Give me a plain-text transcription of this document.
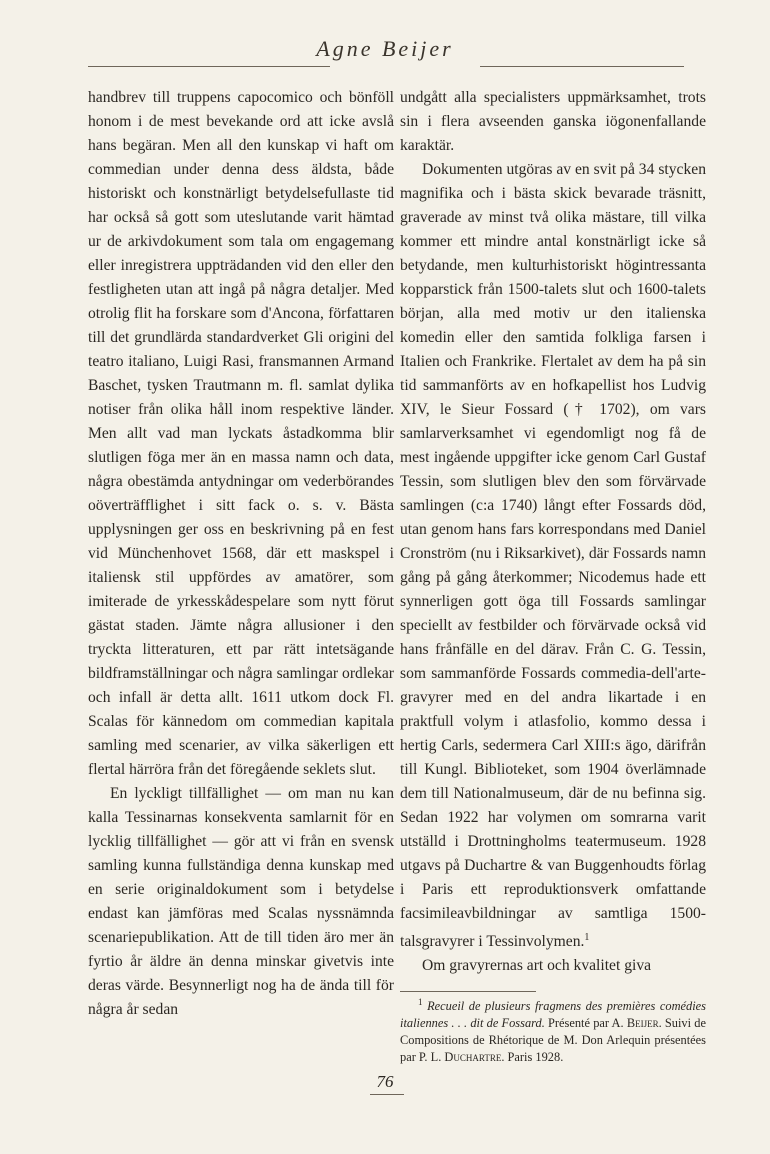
Agne Beijer

handbrev till truppens capocomico och bönföll honom i de mest bevekande ord att icke avslå hans begäran. Men all den kunskap vi haft om commedian under denna dess äldsta, både historiskt och konstnärligt betydelsefullaste tid har också så gott som uteslutande varit hämtad ur de arkivdokument som tala om engagemang eller inregistrera uppträdanden vid den eller den festligheten utan att ingå på några detaljer. Med otrolig flit ha forskare som d'Ancona, författaren till det grundlärda standardverket Gli origini del teatro italiano, Luigi Rasi, fransmannen Armand Baschet, tysken Trautmann m. fl. samlat dylika notiser från olika håll inom respektive länder. Men allt vad man lyckats åstadkomma blir slutligen föga mer än en massa namn och data, några obestämda antydningar om vederbörandes oöverträfflighet i sitt fack o. s. v. Bästa upplysningen ger oss en beskrivning på en fest vid Münchenhovet 1568, där ett maskspel i italiensk stil uppfördes av amatörer, som imiterade de yrkesskådespelare som nytt förut gästat staden. Jämte några allusioner i den tryckta litteraturen, ett par rätt intetsägande bildframställningar och några samlingar ordlekar och infall är detta allt. 1611 utkom dock Fl. Scalas för kännedom om commedian kapitala samling med scenarier, av vilka säkerligen ett flertal härröra från det föregående seklets slut.

En lyckligt tillfällighet — om man nu kan kalla Tessinarnas konsekventa samlarnit för en lycklig tillfällighet — gör att vi från en svensk samling kunna fullständiga denna kunskap med en serie originaldokument som i betydelse endast kan jämföras med Scalas nyssnämnda scenariepublikation. Att de till tiden äro mer än fyrtio år äldre än denna minskar givetvis inte deras värde. Besynnerligt nog ha de ända till för några år sedan

undgått alla specialisters uppmärksamhet, trots sin i flera avseenden ganska iögonenfallande karaktär.

Dokumenten utgöras av en svit på 34 stycken magnifika och i bästa skick bevarade träsnitt, graverade av minst två olika mästare, till vilka kommer ett mindre antal konstnärligt icke så betydande, men kulturhistoriskt högintressanta kopparstick från 1500-talets slut och 1600-talets början, alla med motiv ur den italienska komedin eller den samtida folkliga farsen i Italien och Frankrike. Flertalet av dem ha på sin tid sammanförts av en hofkapellist hos Ludvig XIV, le Sieur Fossard († 1702), om vars samlarverksamhet vi egendomligt nog få de mest ingående uppgifter icke genom Carl Gustaf Tessin, som slutligen blev den som förvärvade samlingen (c:a 1740) långt efter Fossards död, utan genom hans fars korrespondans med Daniel Cronström (nu i Riksarkivet), där Fossards namn gång på gång återkommer; Nicodemus hade ett synnerligen gott öga till Fossards samlingar speciellt av festbilder och förvärvade också vid hans frånfälle en del därav. Från C. G. Tessin, som sammanförde Fossards commedia-dell'arte-gravyrer med en del andra likartade i en praktfull volym i atlasfolio, kommo dessa i hertig Carls, sedermera Carl XIII:s ägo, därifrån till Kungl. Biblioteket, som 1904 överlämnade dem till Nationalmuseum, där de nu befinna sig. Sedan 1922 har volymen om somrarna varit utställd i Drottningholms teatermuseum. 1928 utgavs på Duchartre & van Buggenhoudts förlag i Paris ett reproduktionsverk omfattande facsimileavbildningar av samtliga 1500-talsgravyrer i Tessinvolymen.$^1$

Om gravyrernas art och kvalitet giva

$^1$ Recueil de plusieurs fragmens des premières comédies italiennes . . . dit de Fossard. Présenté par A. Beijer. Suivi de Compositions de Rhétorique de M. Don Arlequin présentées par P. L. Duchartre. Paris 1928.

76
